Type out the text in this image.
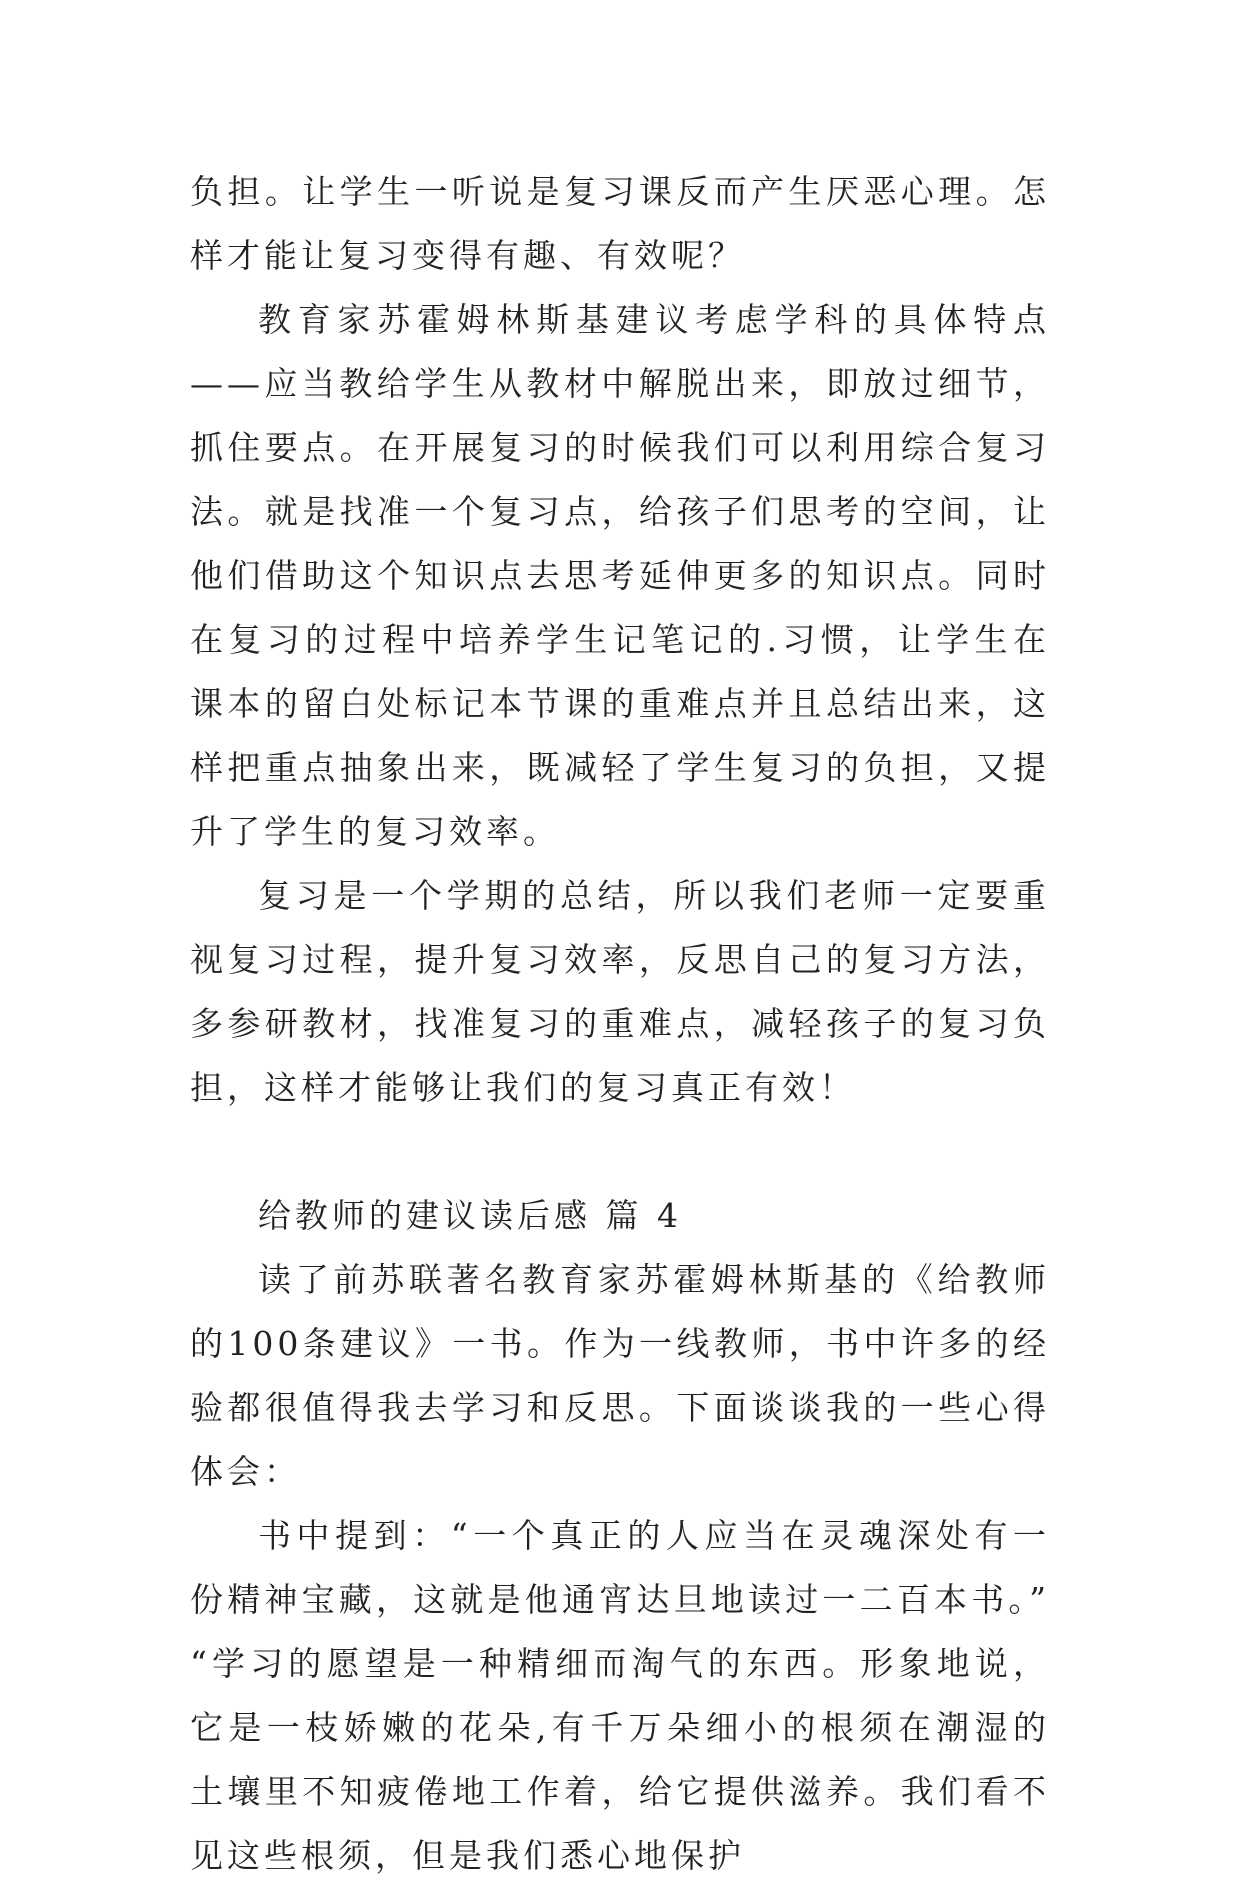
负担。让学生一听说是复习课反而产生厌恶心理。怎样才能让复习变得有趣、有效呢？

教育家苏霍姆林斯基建议考虑学科的具体特点——应当教给学生从教材中解脱出来，即放过细节，抓住要点。在开展复习的时候我们可以利用综合复习法。就是找准一个复习点，给孩子们思考的空间，让他们借助这个知识点去思考延伸更多的知识点。同时在复习的过程中培养学生记笔记的.习惯，让学生在课本的留白处标记本节课的重难点并且总结出来，这样把重点抽象出来，既减轻了学生复习的负担，又提升了学生的复习效率。

复习是一个学期的总结，所以我们老师一定要重视复习过程，提升复习效率，反思自己的复习方法，多参研教材，找准复习的重难点，减轻孩子的复习负担，这样才能够让我们的复习真正有效！

给教师的建议读后感 篇 4

读了前苏联著名教育家苏霍姆林斯基的《给教师的100条建议》一书。作为一线教师，书中许多的经验都很值得我去学习和反思。下面谈谈我的一些心得体会：

书中提到：“一个真正的人应当在灵魂深处有一份精神宝藏，这就是他通宵达旦地读过一二百本书。” “学习的愿望是一种精细而淘气的东西。形象地说，它是一枝娇嫩的花朵,有千万朵细小的根须在潮湿的土壤里不知疲倦地工作着，给它提供滋养。我们看不见这些根须，但是我们悉心地保护
